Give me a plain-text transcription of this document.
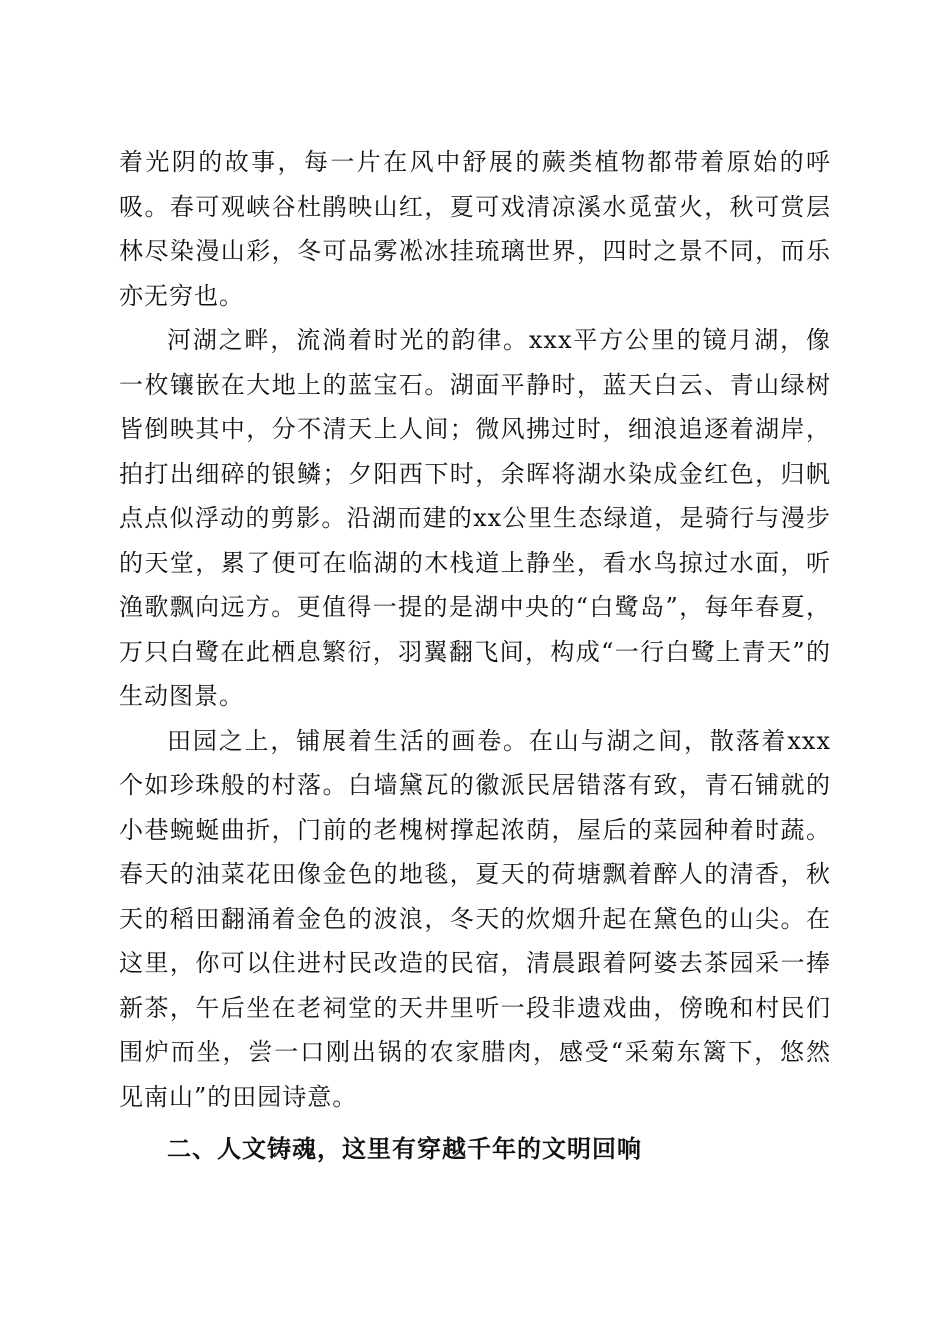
着光阴的故事，每一片在风中舒展的蕨类植物都带着原始的呼吸。春可观峡谷杜鹃映山红，夏可戏清凉溪水觅萤火，秋可赏层林尽染漫山彩，冬可品雾凇冰挂琉璃世界，四时之景不同，而乐亦无穷也。

河湖之畔，流淌着时光的韵律。xxx平方公里的镜月湖，像一枚镶嵌在大地上的蓝宝石。湖面平静时，蓝天白云、青山绿树皆倒映其中，分不清天上人间；微风拂过时，细浪追逐着湖岸，拍打出细碎的银鳞；夕阳西下时，余晖将湖水染成金红色，归帆点点似浮动的剪影。沿湖而建的xx公里生态绿道，是骑行与漫步的天堂，累了便可在临湖的木栈道上静坐，看水鸟掠过水面，听渔歌飘向远方。更值得一提的是湖中央的“白鹭岛”，每年春夏，万只白鹭在此栖息繁衍，羽翼翻飞间，构成“一行白鹭上青天”的生动图景。

田园之上，铺展着生活的画卷。在山与湖之间，散落着xxx个如珍珠般的村落。白墙黛瓦的徽派民居错落有致，青石铺就的小巷蜿蜒曲折，门前的老槐树撑起浓荫，屋后的菜园种着时蔬。春天的油菜花田像金色的地毯，夏天的荷塘飘着醉人的清香，秋天的稻田翻涌着金色的波浪，冬天的炊烟升起在黛色的山尖。在这里，你可以住进村民改造的民宿，清晨跟着阿婆去茶园采一捧新茶，午后坐在老祠堂的天井里听一段非遗戏曲，傍晚和村民们围炉而坐，尝一口刚出锅的农家腊肉，感受“采菊东篱下，悠然见南山”的田园诗意。

二、人文铸魂，这里有穿越千年的文明回响
